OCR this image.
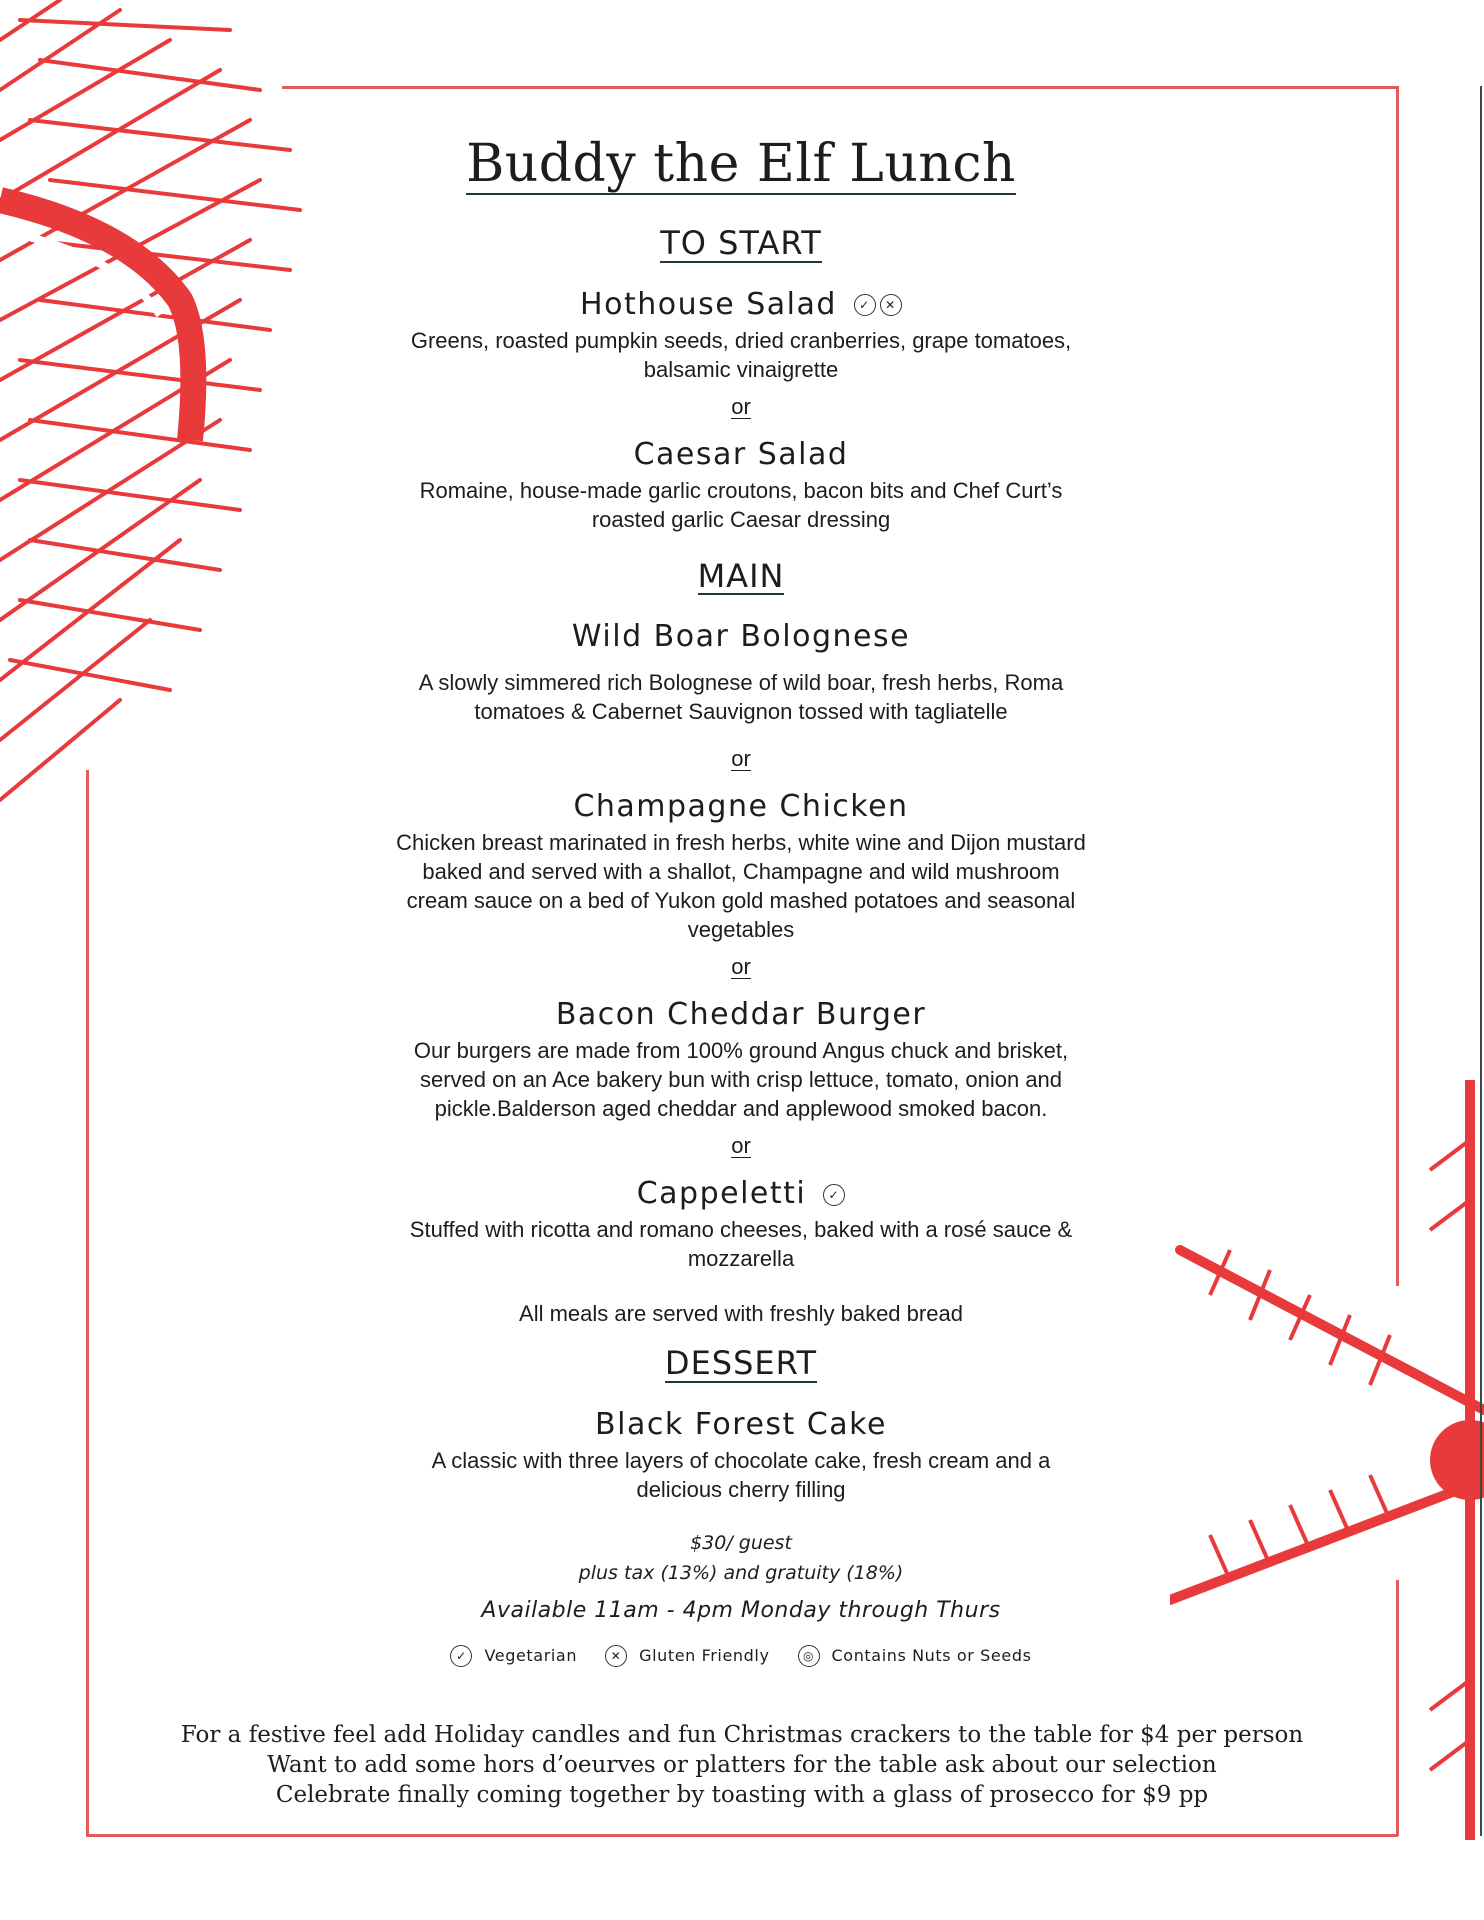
Buddy the Elf Lunch
TO START
Hothouse Salad	✓	✕
Greens, roasted pumpkin seeds, dried cranberries, grape tomatoes, balsamic vinaigrette
or
Caesar Salad
Romaine, house-made garlic croutons, bacon bits and Chef Curt’s roasted garlic Caesar dressing
MAIN
Wild Boar Bolognese
A slowly simmered rich Bolognese of wild boar, fresh herbs, Roma tomatoes & Cabernet Sauvignon tossed with tagliatelle
or
Champagne Chicken
Chicken breast marinated in fresh herbs, white wine and Dijon mustard baked and served with a shallot, Champagne and wild mushroom cream sauce on a bed of Yukon gold mashed potatoes and seasonal vegetables
or
Bacon Cheddar Burger
Our burgers are made from 100% ground Angus chuck and brisket, served on an Ace bakery bun with crisp lettuce, tomato, onion and pickle.Balderson aged cheddar and applewood smoked bacon.
or
Cappeletti	✓
Stuffed with ricotta and romano cheeses, baked with a rosé sauce & mozzarella
All meals are served with freshly baked bread
DESSERT
Black Forest Cake
A classic with three layers of chocolate cake, fresh cream and a delicious cherry filling
$30/ guest
plus tax (13%) and gratuity (18%)
Available 11am - 4pm Monday through Thurs
✓	Vegetarian	✕	Gluten Friendly	◎	Contains Nuts or Seeds
For a festive feel add Holiday candles and fun Christmas crackers to the table for $4 per person
Want to add some hors d’oeurves or platters for the table ask about our selection
Celebrate finally coming together by toasting with a glass of prosecco for $9 pp
